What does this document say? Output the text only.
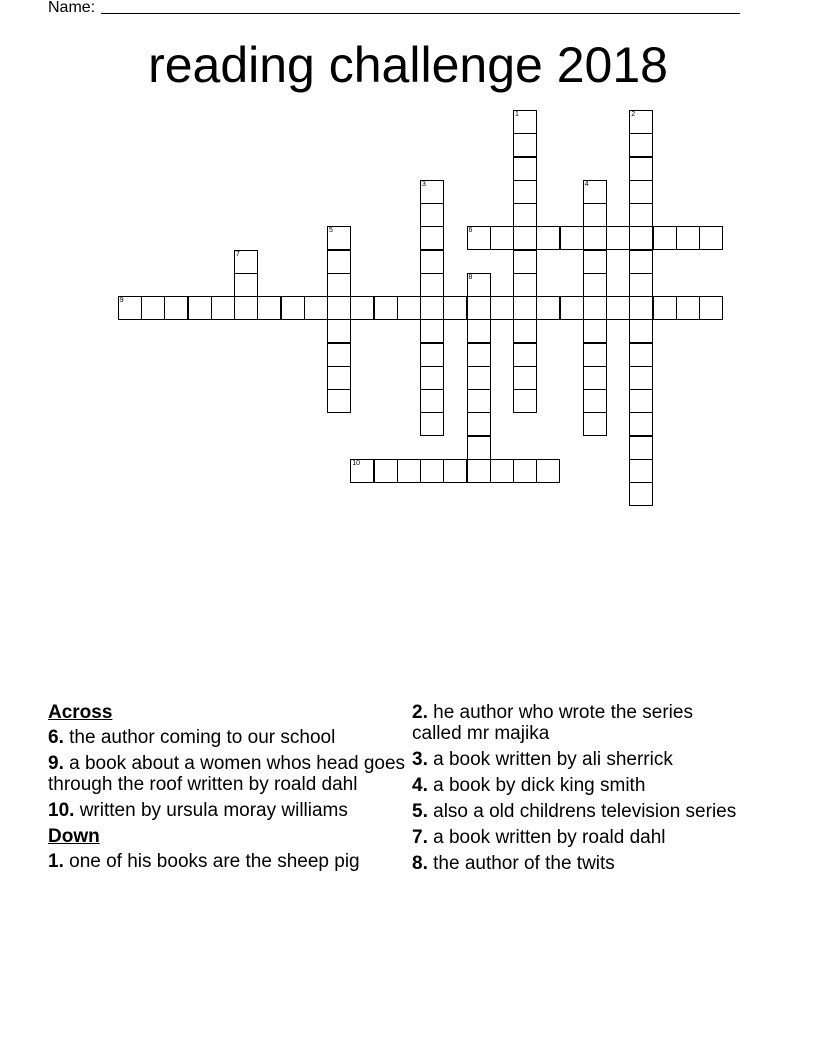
Name:
reading challenge 2018
1	2
3	4
5	6
7
8
9
10
Across
6. the author coming to our school
9. a book about a women whos head goes through the roof written by roald dahl
10. written by ursula moray williams
Down
1. one of his books are the sheep pig
2. he author who wrote the series called mr majika
3. a book written by ali sherrick
4. a book by dick king smith
5. also a old childrens television series
7. a book written by roald dahl
8. the author of the twits
